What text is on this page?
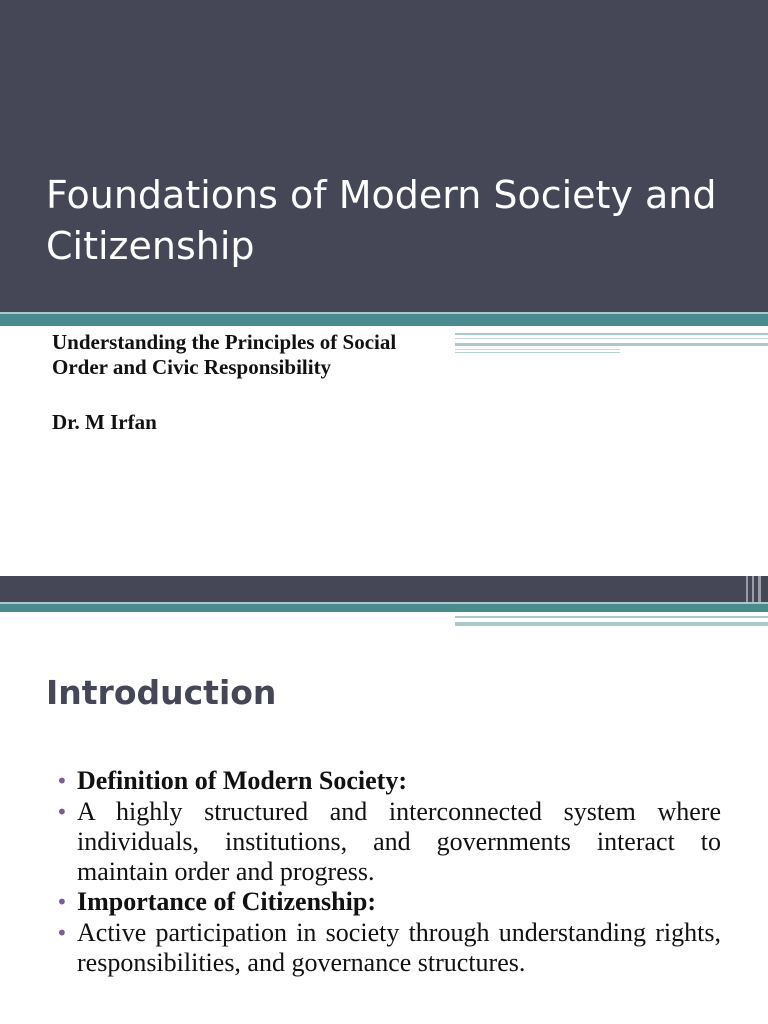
Foundations of Modern Society and Citizenship

Understanding the Principles of Social Order and Civic Responsibility

Dr. M Irfan

Introduction
• Definition of Modern Society:
• A highly structured and interconnected system where individuals, institutions, and governments interact to maintain order and progress.
• Importance of Citizenship:
• Active participation in society through understanding rights, responsibilities, and governance structures.
